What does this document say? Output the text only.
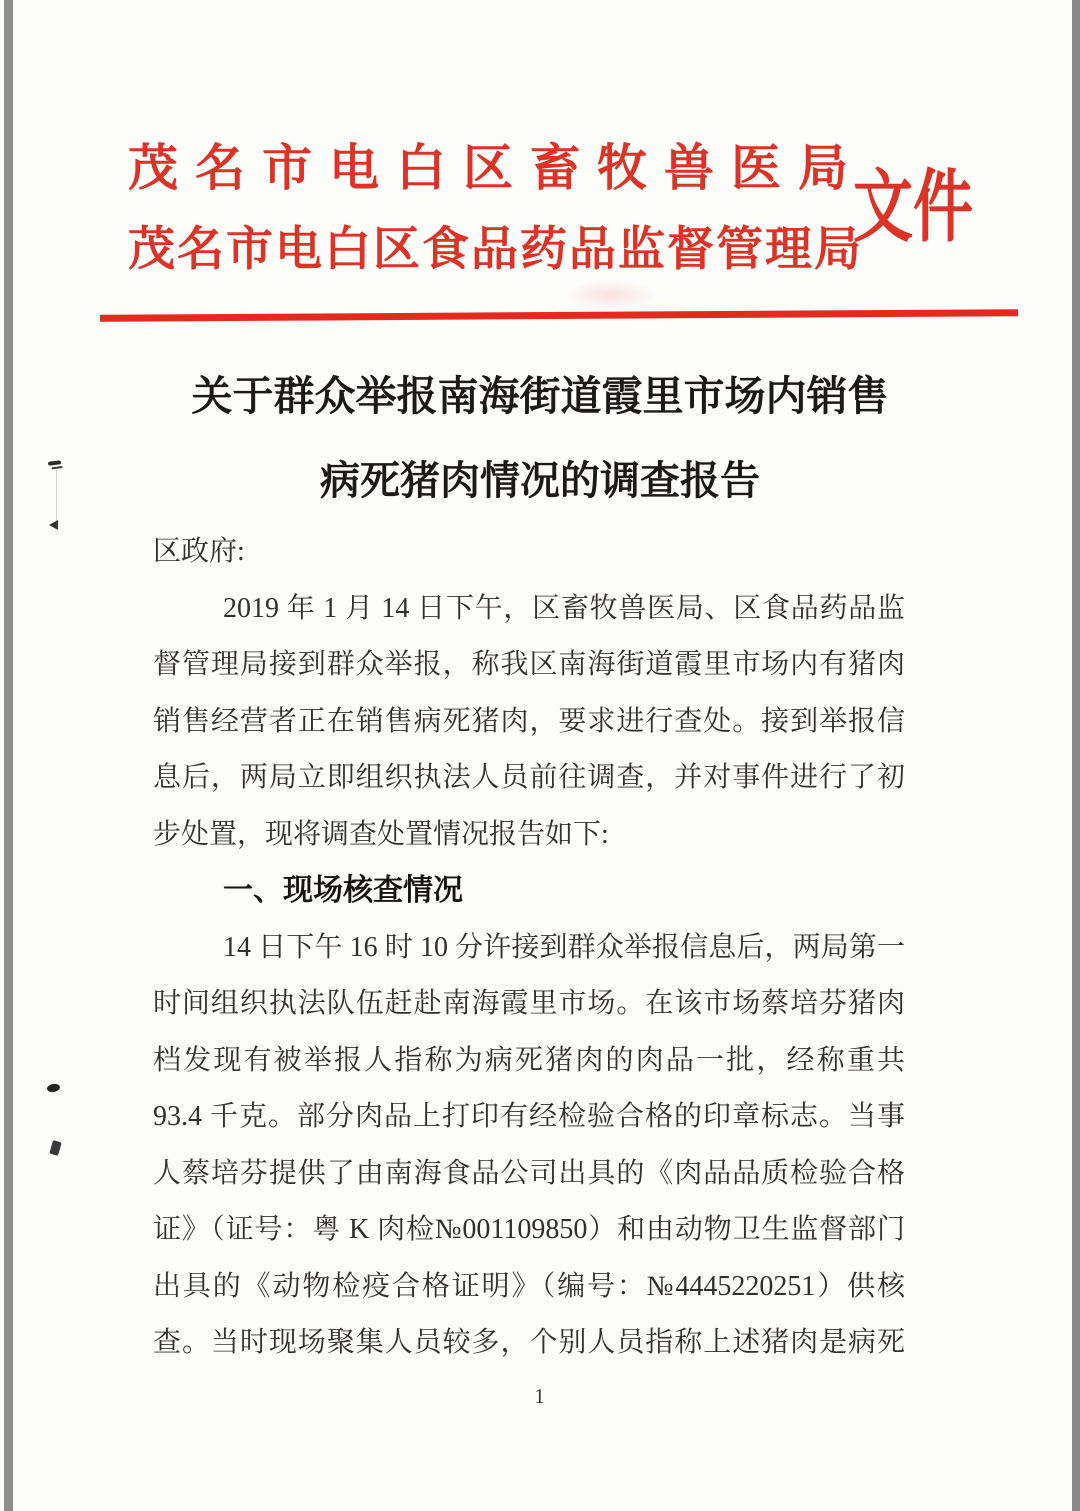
茂名市电白区畜牧兽医局
茂名市电白区食品药品监督管理局
文件
关于群众举报南海街道霞里市场内销售
病死猪肉情况的调查报告
区政府:
2019 年 1 月 14 日下午，区畜牧兽医局、区食品药品监
督管理局接到群众举报，称我区南海街道霞里市场内有猪肉
销售经营者正在销售病死猪肉，要求进行查处。接到举报信
息后，两局立即组织执法人员前往调查，并对事件进行了初
步处置，现将调查处置情况报告如下:
一、现场核查情况
14 日下午 16 时 10 分许接到群众举报信息后，两局第一
时间组织执法队伍赶赴南海霞里市场。在该市场蔡培芬猪肉
档发现有被举报人指称为病死猪肉的肉品一批，经称重共
93.4 千克。部分肉品上打印有经检验合格的印章标志。当事
人蔡培芬提供了由南海食品公司出具的《肉品品质检验合格
证》（证号：粤 K 肉检№001109850）和由动物卫生监督部门
出具的《动物检疫合格证明》（编号：№4445220251）供核
查。当时现场聚集人员较多，个别人员指称上述猪肉是病死
1
